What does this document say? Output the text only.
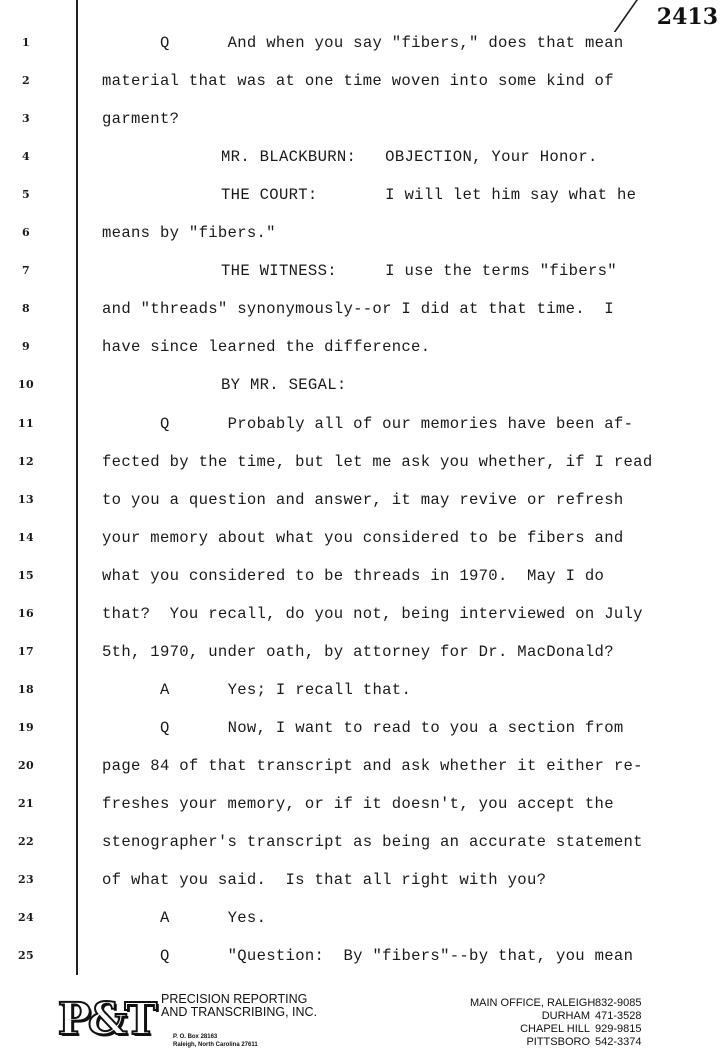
2413
1	Q      And when you say "fibers," does that mean
2	material that was at one time woven into some kind of
3	garment?
4	MR. BLACKBURN:   OBJECTION, Your Honor.
5	THE COURT:       I will let him say what he
6	means by "fibers."
7	THE WITNESS:     I use the terms "fibers"
8	and "threads" synonymously--or I did at that time.  I
9	have since learned the difference.
10	BY MR. SEGAL:
11	Q      Probably all of our memories have been af-
12	fected by the time, but let me ask you whether, if I read
13	to you a question and answer, it may revive or refresh
14	your memory about what you considered to be fibers and
15	what you considered to be threads in 1970.  May I do
16	that?  You recall, do you not, being interviewed on July
17	5th, 1970, under oath, by attorney for Dr. MacDonald?
18	A      Yes; I recall that.
19	Q      Now, I want to read to you a section from
20	page 84 of that transcript and ask whether it either re-
21	freshes your memory, or if it doesn't, you accept the
22	stenographer's transcript as being an accurate statement
23	of what you said.  Is that all right with you?
24	A      Yes.
25	Q      "Question:  By "fibers"--by that, you mean
P&T PRECISION REPORTING
AND TRANSCRIBING, INC.
P. O. Box 28163
Raleigh, North Carolina 27611
MAIN OFFICE, RALEIGH 832-9085
DURHAM 471-3528
CHAPEL HILL 929-9815
PITTSBORO 542-3374
